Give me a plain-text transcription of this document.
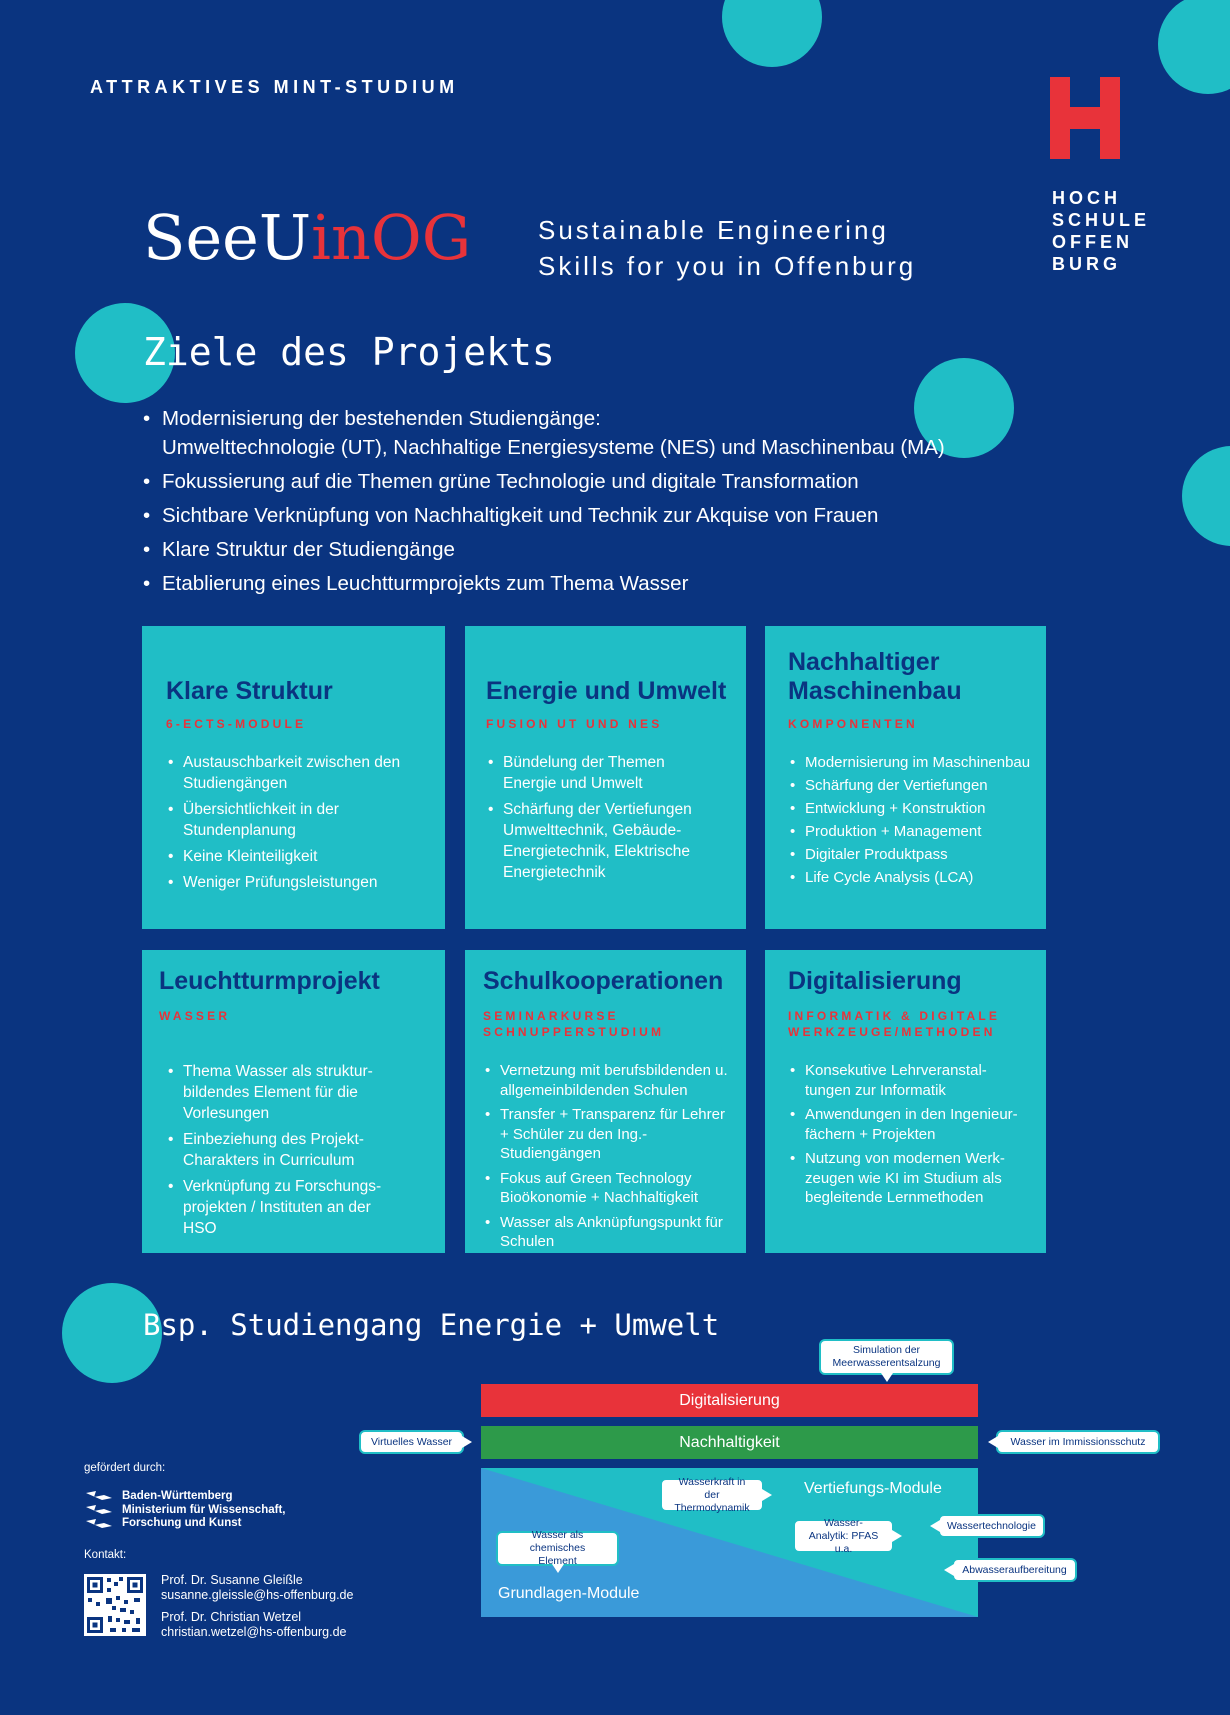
ATTRAKTIVES MINT-STUDIUM
HOCH
SCHULE
OFFEN
BURG
SeeUinOG	Sustainable Engineering
Skills for you in Offenburg
Ziele des Projekts
• Modernisierung der bestehenden Studiengänge:
Umwelttechnologie (UT), Nachhaltige Energiesysteme (NES) und Maschinenbau (MA)
• Fokussierung auf die Themen grüne Technologie und digitale Transformation
• Sichtbare Verknüpfung von Nachhaltigkeit und Technik zur Akquise von Frauen
• Klare Struktur der Studiengänge
• Etablierung eines Leuchtturmprojekts zum Thema Wasser
Klare Struktur
6-ECTS-MODULE
• Austauschbarkeit zwischen den Studiengängen
• Übersichtlichkeit in der Stundenplanung
• Keine Kleinteiligkeit
• Weniger Prüfungsleistungen
Energie und Umwelt
FUSION UT UND NES
• Bündelung der Themen Energie und Umwelt
• Schärfung der Vertiefungen Umwelttechnik, Gebäude-Energietechnik, Elektrische Energietechnik
Nachhaltiger Maschinenbau
KOMPONENTEN
• Modernisierung im Maschinenbau
• Schärfung der Vertiefungen
• Entwicklung + Konstruktion
• Produktion + Management
• Digitaler Produktpass
• Life Cycle Analysis (LCA)
Leuchtturmprojekt
WASSER
• Thema Wasser als struktur-bildendes Element für die Vorlesungen
• Einbeziehung des Projekt-Charakters in Curriculum
• Verknüpfung zu Forschungs-projekten / Instituten an der HSO
Schulkooperationen
SEMINARKURSE SCHNUPPERSTUDIUM
• Vernetzung mit berufsbildenden u. allgemeinbildenden Schulen
• Transfer + Transparenz für Lehrer + Schüler zu den Ing.-Studiengängen
• Fokus auf Green Technology Bioökonomie + Nachhaltigkeit
• Wasser als Anknüpfungspunkt für Schulen
Digitalisierung
INFORMATIK & DIGITALE WERKZEUGE/METHODEN
• Konsekutive Lehrveranstal-tungen zur Informatik
• Anwendungen in den Ingenieur-fächern + Projekten
• Nutzung von modernen Werk-zeugen wie KI im Studium als begleitende Lernmethoden
Bsp. Studiengang Energie + Umwelt
Digitalisierung
Nachhaltigkeit
Vertiefungs-Module
Grundlagen-Module
Simulation der Meerwasserentsalzung
Virtuelles Wasser	Wasser im Immissionsschutz
Wasserkraft in der Thermodynamik
Wasser als chemisches Element
Wasser-Analytik: PFAS u.a.
Wassertechnologie
Abwasseraufbereitung
gefördert durch:
Baden-Württemberg
Ministerium für Wissenschaft,
Forschung und Kunst
Kontakt:
Prof. Dr. Susanne Gleißle
susanne.gleissle@hs-offenburg.de
Prof. Dr. Christian Wetzel
christian.wetzel@hs-offenburg.de
